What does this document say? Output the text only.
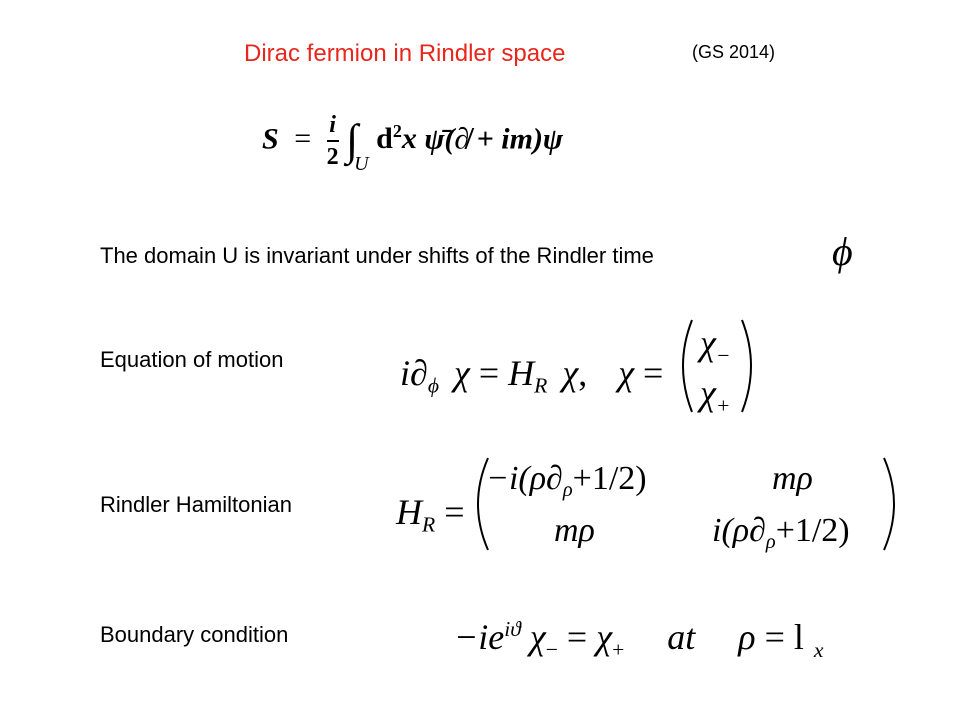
Dirac fermion in Rindler space	(GS 2014)
$S = \frac{i}{2} \int_U$ $d^2x$ ψ̄(∂̸ + im)ψ
The domain U is invariant under shifts of the Rindler time	ϕ
Equation of motion	$i\partial_\phi$ $\chi = H_R$ χ, χ =
$\chi_-$
$\chi_+$
Rindler Hamiltonian	$H_R$ =
$-i(\rho\partial_\rho+1/2)$	mρ
mρ	$i(\rho\partial_\rho+1/2)$
Boundary condition	$-ie^{iϑ}$ $\chi_- = \chi_+$ at ρ = l $_x$
